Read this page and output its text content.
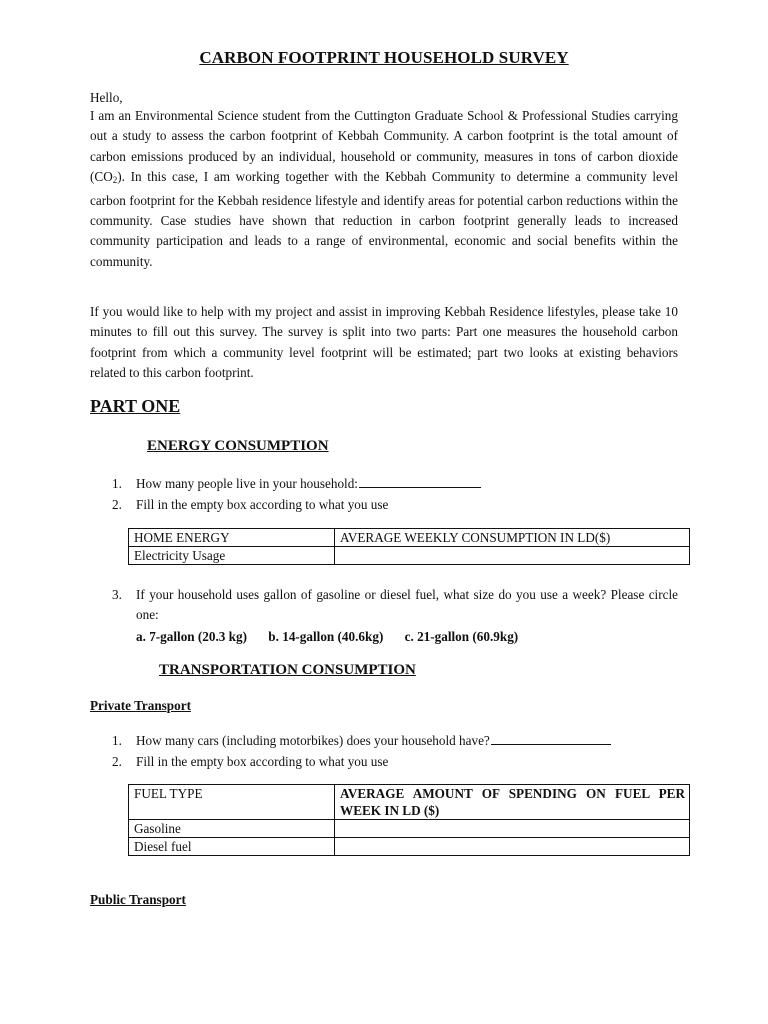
CARBON FOOTPRINT HOUSEHOLD SURVEY
Hello,
I am an Environmental Science student from the Cuttington Graduate School & Professional Studies carrying out a study to assess the carbon footprint of Kebbah Community. A carbon footprint is the total amount of carbon emissions produced by an individual, household or community, measures in tons of carbon dioxide $(CO_2)$. In this case, I am working together with the Kebbah Community to determine a community level carbon footprint for the Kebbah residence lifestyle and identify areas for potential carbon reductions within the community. Case studies have shown that reduction in carbon footprint generally leads to increased community participation and leads to a range of environmental, economic and social benefits within the community.
If you would like to help with my project and assist in improving Kebbah Residence lifestyles, please take 10 minutes to fill out this survey. The survey is split into two parts: Part one measures the household carbon footprint from which a community level footprint will be estimated; part two looks at existing behaviors related to this carbon footprint.
PART ONE
ENERGY CONSUMPTION
1.	How many people live in your household:
2.	Fill in the empty box according to what you use
HOME ENERGY	AVERAGE WEEKLY CONSUMPTION IN LD($)
Electricity Usage	
3.	If your household uses gallon of gasoline or diesel fuel, what size do you use a week? Please circle one:
a. 7-gallon (20.3 kg) b. 14-gallon (40.6kg) c. 21-gallon (60.9kg)
TRANSPORTATION CONSUMPTION
Private Transport
1.	How many cars (including motorbikes) does your household have?
2.	Fill in the empty box according to what you use
FUEL TYPE	AVERAGE AMOUNT OF SPENDING ON FUEL PER WEEK IN LD ($)
Gasoline	
Diesel fuel	
Public Transport
